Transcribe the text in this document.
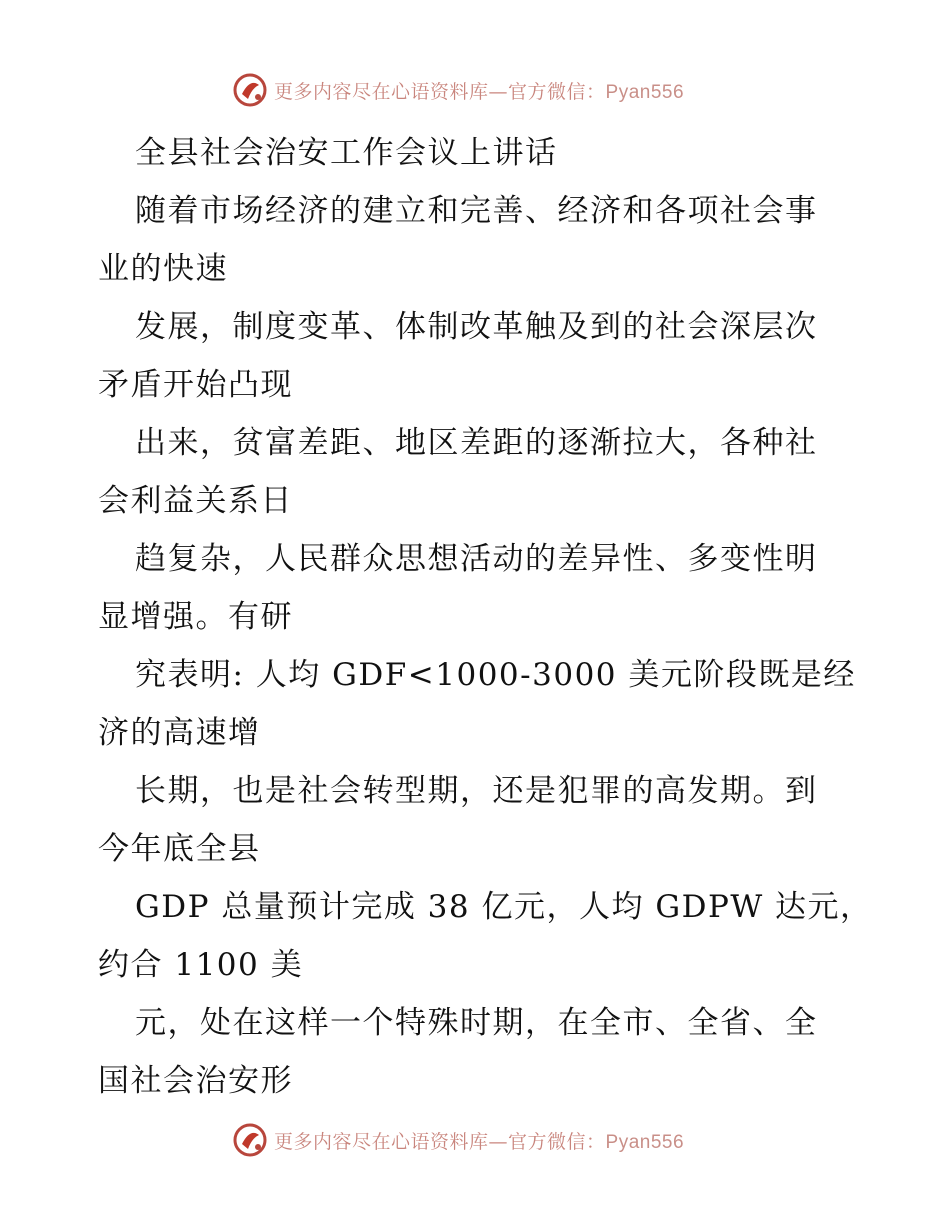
更多内容尽在心语资料库—官方微信：Pyan556
全县社会治安工作会议上讲话
随着市场经济的建立和完善、经济和各项社会事
业的快速
发展，制度变革、体制改革触及到的社会深层次
矛盾开始凸现
出来，贫富差距、地区差距的逐渐拉大，各种社
会利益关系日
趋复杂，人民群众思想活动的差异性、多变性明
显增强。有研
究表明: 人均 GDF<1000-3000 美元阶段既是经
济的高速增
长期，也是社会转型期，还是犯罪的高发期。到
今年底全县
GDP 总量预计完成 38 亿元，人均 GDPW 达元，
约合 1100 美
元，处在这样一个特殊时期，在全市、全省、全
国社会治安形
更多内容尽在心语资料库—官方微信：Pyan556
